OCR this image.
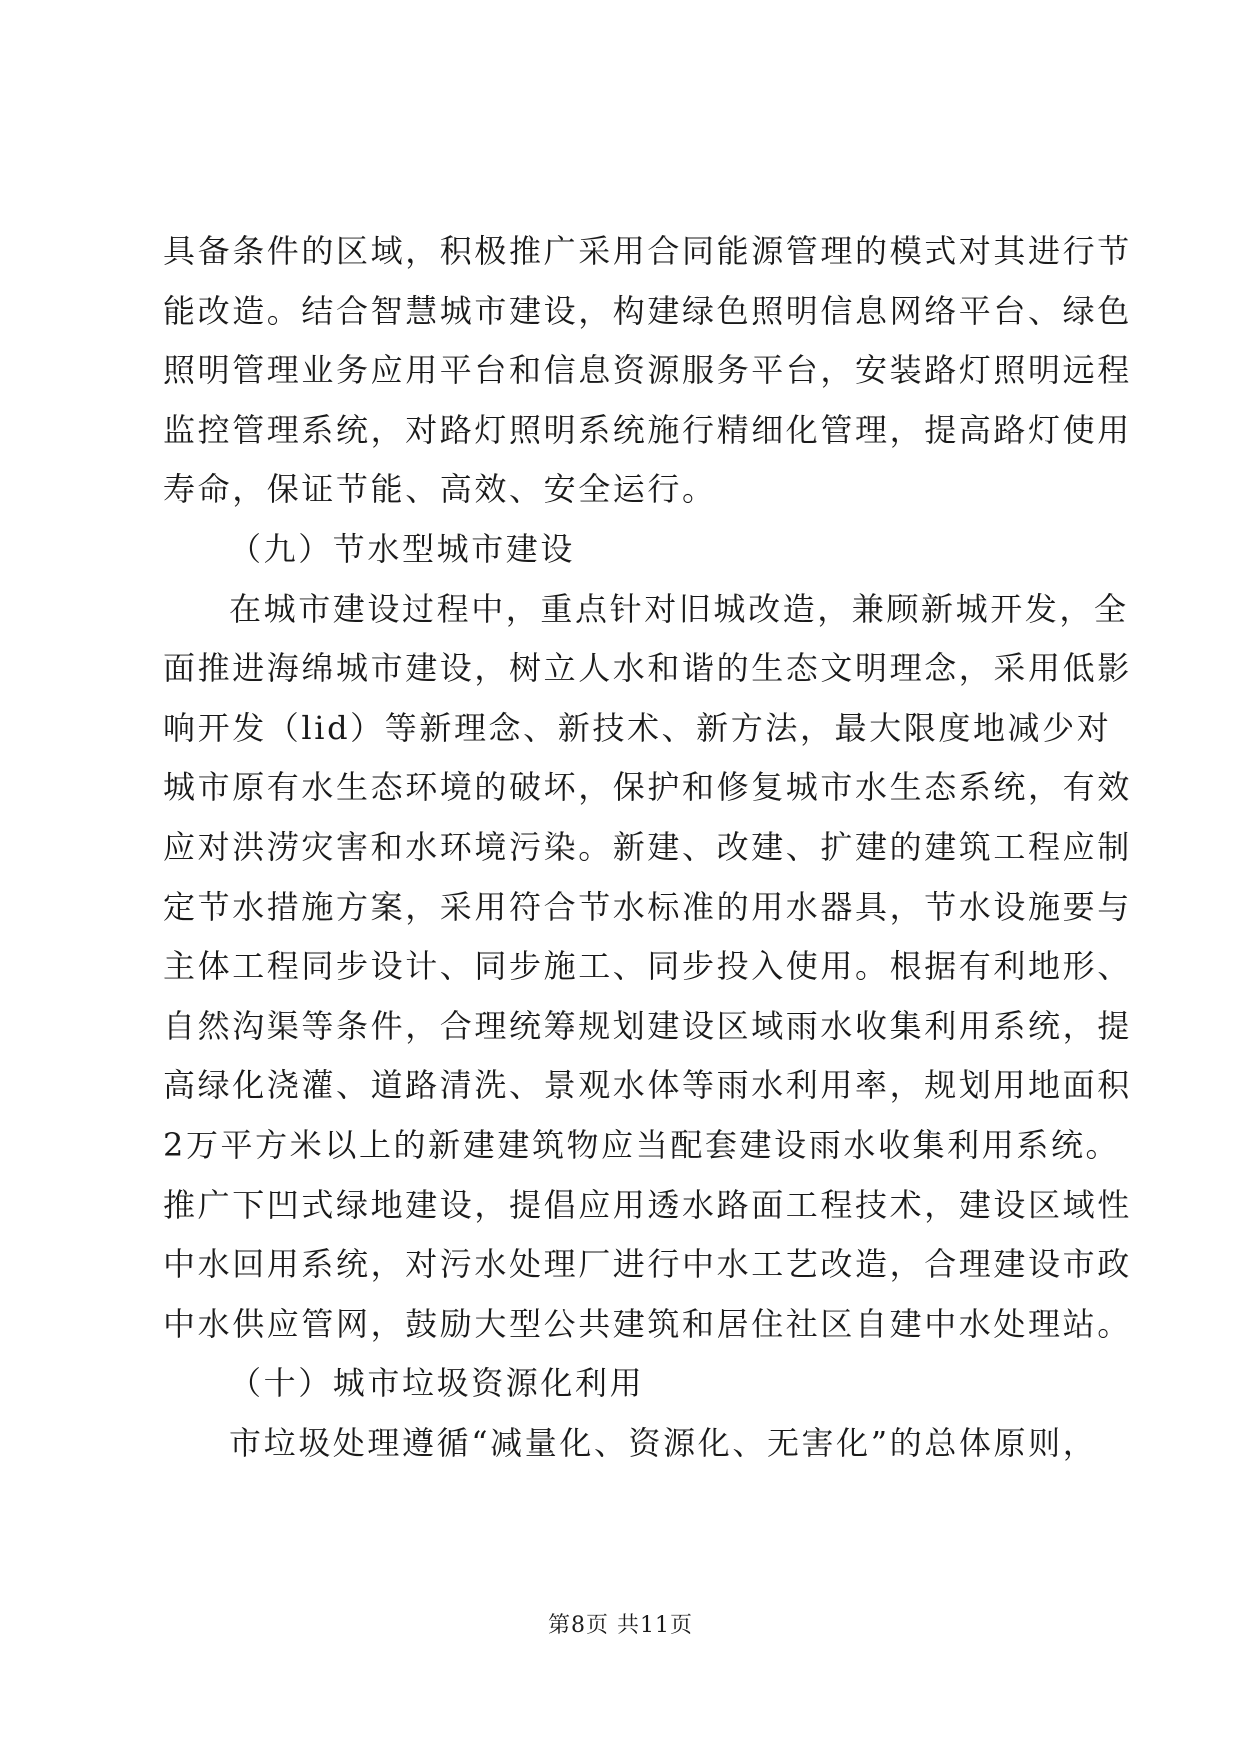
具备条件的区域，积极推广采用合同能源管理的模式对其进行节
能改造。结合智慧城市建设，构建绿色照明信息网络平台、绿色
照明管理业务应用平台和信息资源服务平台，安装路灯照明远程
监控管理系统，对路灯照明系统施行精细化管理，提高路灯使用
寿命，保证节能、高效、安全运行。
（九）节水型城市建设
在城市建设过程中，重点针对旧城改造，兼顾新城开发，全
面推进海绵城市建设，树立人水和谐的生态文明理念，采用低影
响开发（lid）等新理念、新技术、新方法，最大限度地减少对
城市原有水生态环境的破坏，保护和修复城市水生态系统，有效
应对洪涝灾害和水环境污染。新建、改建、扩建的建筑工程应制
定节水措施方案，采用符合节水标准的用水器具，节水设施要与
主体工程同步设计、同步施工、同步投入使用。根据有利地形、
自然沟渠等条件，合理统筹规划建设区域雨水收集利用系统，提
高绿化浇灌、道路清洗、景观水体等雨水利用率，规划用地面积
2万平方米以上的新建建筑物应当配套建设雨水收集利用系统。
推广下凹式绿地建设，提倡应用透水路面工程技术，建设区域性
中水回用系统，对污水处理厂进行中水工艺改造，合理建设市政
中水供应管网，鼓励大型公共建筑和居住社区自建中水处理站。
（十）城市垃圾资源化利用
市垃圾处理遵循“减量化、资源化、无害化”的总体原则，
第8页 共11页
